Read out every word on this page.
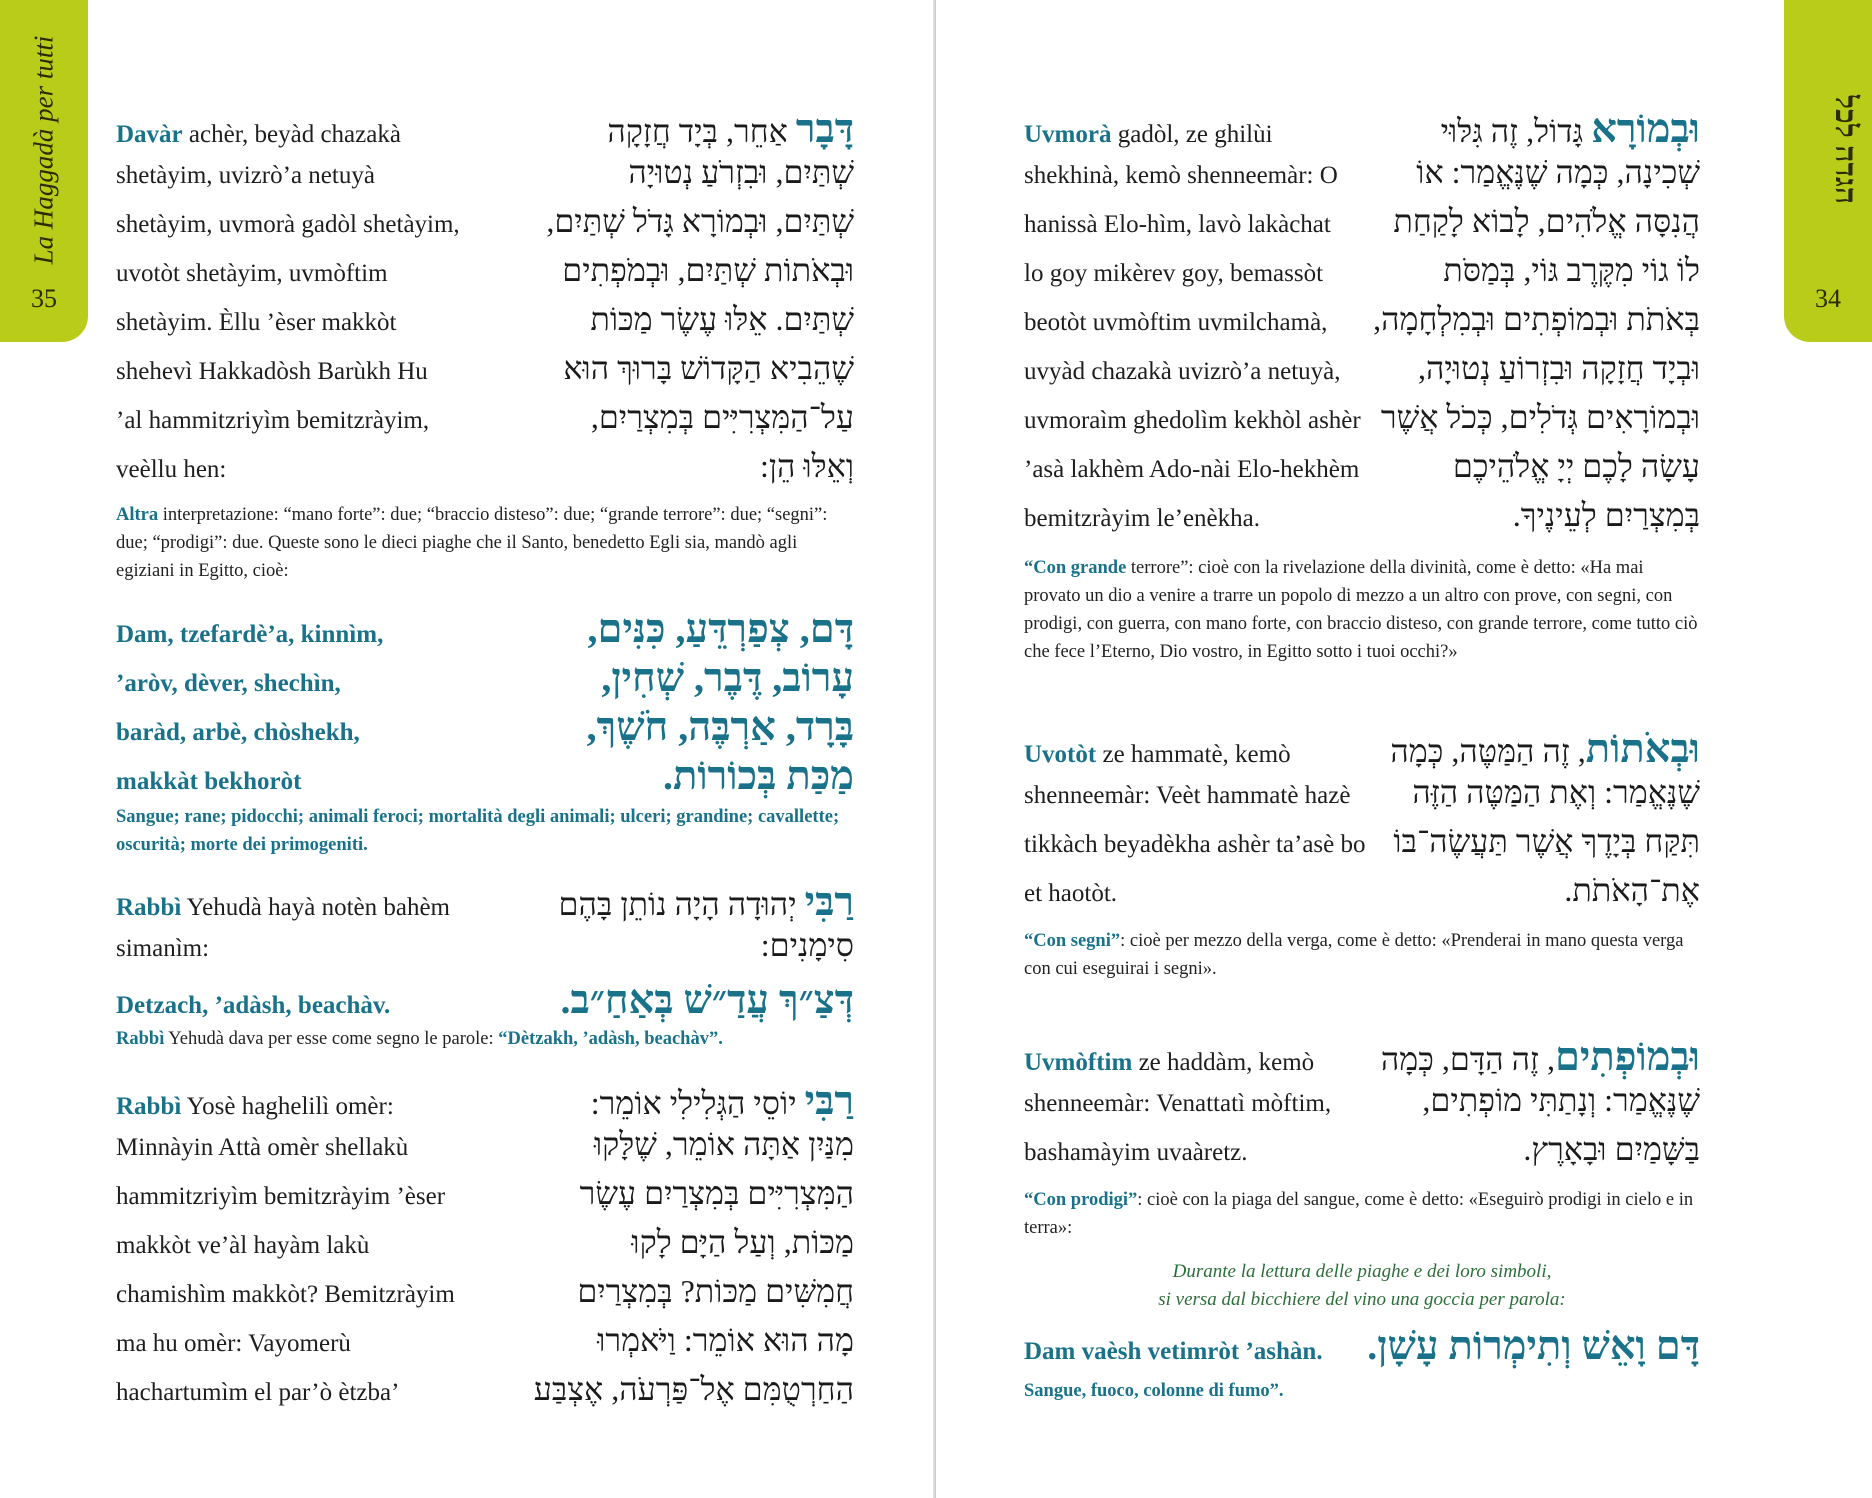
La Haggadà per tutti
35
Davàr achèr, beyàd chazakà	דָּבָר אַחֵר, בְּיָד חֲזָקָה
shetàyim, uvizrò’a netuyà	שְׁתַּיִם, וּבִזְרֹעַ נְטוּיָה
shetàyim, uvmorà gadòl shetàyim,	שְׁתַּיִם, וּבְמוֹרָא גָּדֹל שְׁתַּיִם,
uvotòt shetàyim, uvmòftim	וּבְאֹתוֹת שְׁתַּיִם, וּבְמֹפְתִים
shetàyim. Èllu ’èser makkòt	שְׁתַּיִם. אֵלּוּ עֶשֶׂר מַכּוֹת
shehevì Hakkadòsh Barùkh Hu	שֶׁהֵבִיא הַקָּדוֹשׁ בָּרוּךְ הוּא
’al hammitzriyìm bemitzràyim,	עַל־הַמִּצְרִיִּים בְּמִצְרַיִם,
veèllu hen:	וְאֵלּוּ הֵן:
Altra interpretazione: “mano forte”: due; “braccio disteso”: due; “grande terrore”: due; “segni”: due; “prodigi”: due. Queste sono le dieci piaghe che il Santo, benedetto Egli sia, mandò agli egiziani in Egitto, cioè:
Dam, tzefardè’a, kinnìm,	דָּם, צְפַרְדֵּעַ, כִּנִּים,
’aròv, dèver, shechìn,	עָרוֹב, דֶּבֶר, שְׁחִין,
baràd, arbè, chòshekh,	בָּרָד, אַרְבֶּה, חֹשֶׁךְ,
makkàt bekhoròt	מַכַּת בְּכוֹרוֹת.
Sangue; rane; pidocchi; animali feroci; mortalità degli animali; ulceri; grandine; cavallette; oscurità; morte dei primogeniti.
Rabbì Yehudà hayà notèn bahèm	רַבִּי יְהוּדָה הָיָה נוֹתֵן בָּהֶם
simanìm:	סִימָנִים:
Detzach, ’adàsh, beachàv.	דְּצַ״ךְ עֲדַ״שׁ בְּאַחַ״ב.
Rabbì Yehudà dava per esse come segno le parole: “Dètzakh, ’adàsh, beachàv”.
Rabbì Yosè haghelilì omèr:	רַבִּי יוֹסֵי הַגְּלִילִי אוֹמֵר:
Minnàyin Attà omèr shellakù	מִנַּיִן אַתָּה אוֹמֵר, שֶׁלָּקוּ
hammitzriyìm bemitzràyim ’èser	הַמִּצְרִיִּים בְּמִצְרַיִם עֶשֶׂר
makkòt ve’àl hayàm lakù	מַכּוֹת, וְעַל הַיָּם לָקוּ
chamishìm makkòt? Bemitzràyim	חֲמִשִּׁים מַכּוֹת? בְּמִצְרַיִם
ma hu omèr: Vayomerù	מָה הוּא אוֹמֵר: וַיֹּאמְרוּ
hachartumìm el par’ò ètzba’	הַחַרְטֻמִּם אֶל־פַּרְעֹה, אֶצְבַּע
הגדה לכל
34
Uvmorà gadòl, ze ghilùi	וּבְמוֹרָא גָּדוֹל, זֶה גִּלּוּי
shekhinà, kemò shenneemàr: O שְׁכִינָה, כְּמָה שֶׁנֶּאֱמַר: אוֹ
hanissà Elo-hìm, lavò lakàchat הֲנִסָּה אֱלֹהִים, לָבוֹא לָקַחַת
lo goy mikèrev goy, bemassòt	לוֹ גוֹי מִקֶּרֶב גּוֹי, בְּמַסֹּת
beotòt uvmòftim uvmilchamà, בְּאֹתֹת וּבְמוֹפְתִים וּבְמִלְחָמָה,
uvyàd chazakà uvizrò’a netuyà, וּבְיָד חֲזָקָה וּבִזְרוֹעַ נְטוּיָה,
uvmoraìm ghedolìm kekhòl ashèr וּבְמוֹרָאִים גְּדֹלִים, כְּכֹל אֲשֶׁר
’asà lakhèm Ado-nài Elo-hekhèm	עָשָׂה לָכֶם יְיָ אֱלֹהֵיכֶם
bemitzràyim le’enèkha.	בְּמִצְרַיִם לְעֵינֶיךָ.
“Con grande terrore”: cioè con la rivelazione della divinità, come è detto: «Ha mai provato un dio a venire a trarre un popolo di mezzo a un altro con prove, con segni, con prodigi, con guerra, con mano forte, con braccio disteso, con grande terrore, come tutto ciò che fece l’Eterno, Dio vostro, in Egitto sotto i tuoi occhi?»
Uvotòt ze hammatè, kemò	וּבְאֹתוֹת, זֶה הַמַּטֶּה, כְּמָה
shenneemàr: Veèt hammatè hazè שֶׁנֶּאֱמַר: וְאֶת הַמַּטֶּה הַזֶּה
tikkàch beyadèkha ashèr ta’asè bo תִּקַּח בְּיָדֶךָ אֲשֶׁר תַּעֲשֶׂה־בּוֹ
et haotòt.	אֶת־הָאֹתֹת.
“Con segni”: cioè per mezzo della verga, come è detto: «Prenderai in mano questa verga con cui eseguirai i segni».
Uvmòftim ze haddàm, kemò	וּבְמוֹפְתִים, זֶה הַדָּם, כְּמָה
shenneemàr: Venattatì mòftim,	שֶׁנֶּאֱמַר: וְנָתַתִּי מוֹפְתִים,
bashamàyim uvaàretz.	בַּשָּׁמַיִם וּבָאָרֶץ.
“Con prodigi”: cioè con la piaga del sangue, come è detto: «Eseguirò prodigi in cielo e in terra»:
Durante la lettura delle piaghe e dei loro simboli,
si versa dal bicchiere del vino una goccia per parola:
Dam vaèsh vetimròt ’ashàn. דָּם וָאֵשׁ וְתִימְרוֹת עָשָׁן.
Sangue, fuoco, colonne di fumo”.
